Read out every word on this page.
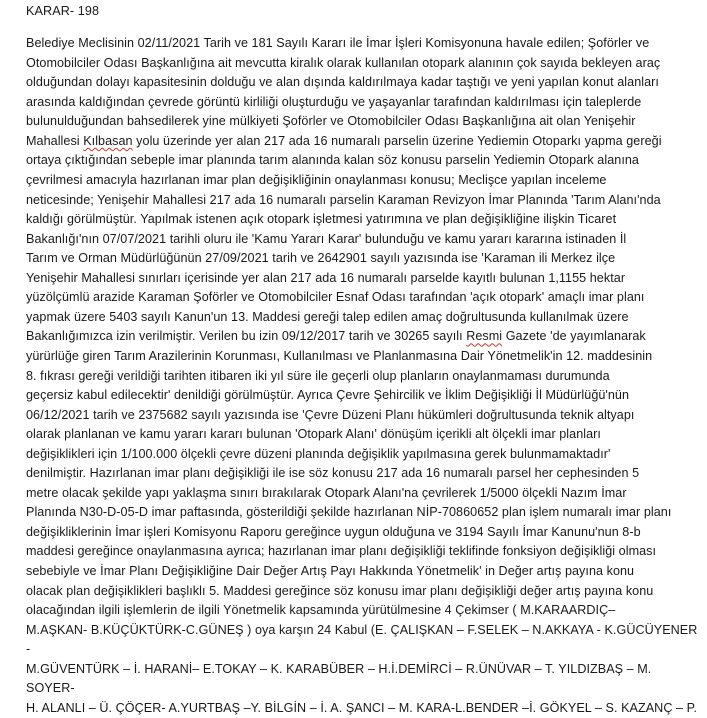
KARAR- 198

Belediye Meclisinin 02/11/2021 Tarih ve 181 Sayılı Kararı ile İmar İşleri Komisyonuna havale edilen; Şoförler ve
Otomobilciler Odası Başkanlığına ait mevcutta kiralık olarak kullanılan otopark alanının çok sayıda bekleyen araç
olduğundan dolayı kapasitesinin dolduğu ve alan dışında kaldırılmaya kadar taştığı ve yeni yapılan konut alanları
arasında kaldığından çevrede görüntü kirliliği oluşturduğu ve yaşayanlar tarafından kaldırılması için taleplerde
bulunulduğundan bahsedilerek yine mülkiyeti Şoförler ve Otomobilciler Odası Başkanlığına ait olan Yenişehir
Mahallesi Kılbasan yolu üzerinde yer alan 217 ada 16 numaralı parselin üzerine Yediemin Otoparkı yapma gereği
ortaya çıktığından sebeple imar planında tarım alanında kalan söz konusu parselin Yediemin Otopark alanına
çevrilmesi amacıyla hazırlanan imar plan değişikliğinin onaylanması konusu; Meclişce yapılan inceleme
neticesinde; Yenişehir Mahallesi 217 ada 16 numaralı parselin Karaman Revizyon İmar Planında 'Tarım Alanı'nda
kaldığı görülmüştür. Yapılmak istenen açık otopark işletmesi yatırımına ve plan değişikliğine ilişkin Ticaret
Bakanlığı'nın 07/07/2021 tarihli oluru ile 'Kamu Yararı Karar' bulunduğu ve kamu yararı kararına istinaden İl
Tarım ve Orman Müdürlüğünün 27/09/2021 tarih ve 2642901 sayılı yazısında ise 'Karaman ili Merkez ilçe
Yenişehir Mahallesi sınırları içerisinde yer alan 217 ada 16 numaralı parselde kayıtlı bulunan 1,1155 hektar
yüzölçümlü arazide Karaman Şoförler ve Otomobilciler Esnaf Odası tarafından 'açık otopark' amaçlı imar planı
yapmak üzere 5403 sayılı Kanun'un 13. Maddesi gereği talep edilen amaç doğrultusunda kullanılmak üzere
Bakanlığımızca izin verilmiştir. Verilen bu izin 09/12/2017 tarih ve 30265 sayılı Resmi Gazete 'de yayımlanarak
yürürlüğe giren Tarım Arazilerinin Korunması, Kullanılması ve Planlanmasına Dair Yönetmelik'in 12. maddesinin
8. fıkrası gereği verildiği tarihten itibaren iki yıl süre ile geçerli olup planların onaylanmaması durumunda
geçersiz kabul edilecektir' denildiği görülmüştür. Ayrıca Çevre Şehircilik ve İklim Değişikliği İl Müdürlüğü'nün
06/12/2021 tarih ve 2375682 sayılı yazısında ise 'Çevre Düzeni Planı hükümleri doğrultusunda teknik altyapı
olarak planlanan ve kamu yararı kararı bulunan 'Otopark Alanı' dönüşüm içerikli alt ölçekli imar planları
değişiklikleri için 1/100.000 ölçekli çevre düzeni planında değişiklik yapılmasına gerek bulunmamaktadır'
denilmiştir. Hazırlanan imar planı değişikliği ile ise söz konusu 217 ada 16 numaralı parsel her cephesinden 5
metre olacak şekilde yapı yaklaşma sınırı bırakılarak Otopark Alanı'na çevrilerek 1/5000 ölçekli Nazım İmar
Planında N30-D-05-D imar paftasında, gösterildiği şekilde hazırlanan NİP-70860652 plan işlem numaralı imar planı
değişikliklerinin İmar işleri Komisyonu Raporu gereğince uygun olduğuna ve 3194 Sayılı İmar Kanunu'nun 8-b
maddesi gereğince onaylanmasına ayrıca; hazırlanan imar planı değişikliği teklifinde fonksiyon değişikliği olması
sebebiyle ve İmar Planı Değişikliğine Dair Değer Artış Payı Hakkında Yönetmelik' in Değer artış payına konu
olacak plan değişiklikleri başlıklı 5. Maddesi gereğince söz konusu imar planı değişikliği değer artış payına konu
olacağından ilgili işlemlerin de ilgili Yönetmelik kapsamında yürütülmesine 4 Çekimser ( M.KARAARDIÇ–
M.AŞKAN- B.KÜÇÜKTÜRK-C.GÜNEŞ ) oya karşın 24 Kabul (E. ÇALIŞKAN – F.SELEK – N.AKKAYA - K.GÜCÜYENER -
M.GÜVENTÜRK – İ. HARANİ– E.TOKAY – K. KARABÜBER – H.İ.DEMİRCİ – R.ÜNÜVAR – T. YILDIZBAŞ – M. SOYER-
H. ALANLI – Ü. ÇÖÇER- A.YURTBAŞ –Y. BİLGİN – İ. A. ŞANCI – M. KARA-L.BENDER –İ. GÖKYEL – S. KAZANÇ – P.
